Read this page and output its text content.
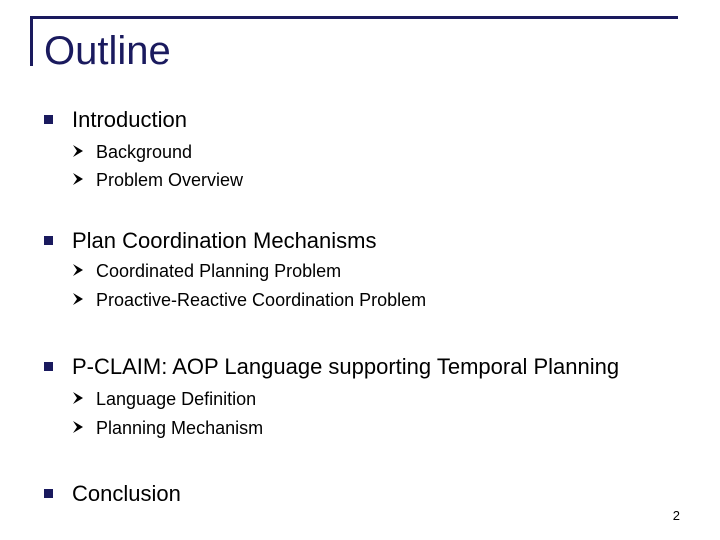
Outline
Introduction
Background
Problem Overview
Plan Coordination Mechanisms
Coordinated Planning Problem
Proactive-Reactive Coordination Problem
P-CLAIM: AOP Language supporting Temporal Planning
Language Definition
Planning Mechanism
Conclusion
2
